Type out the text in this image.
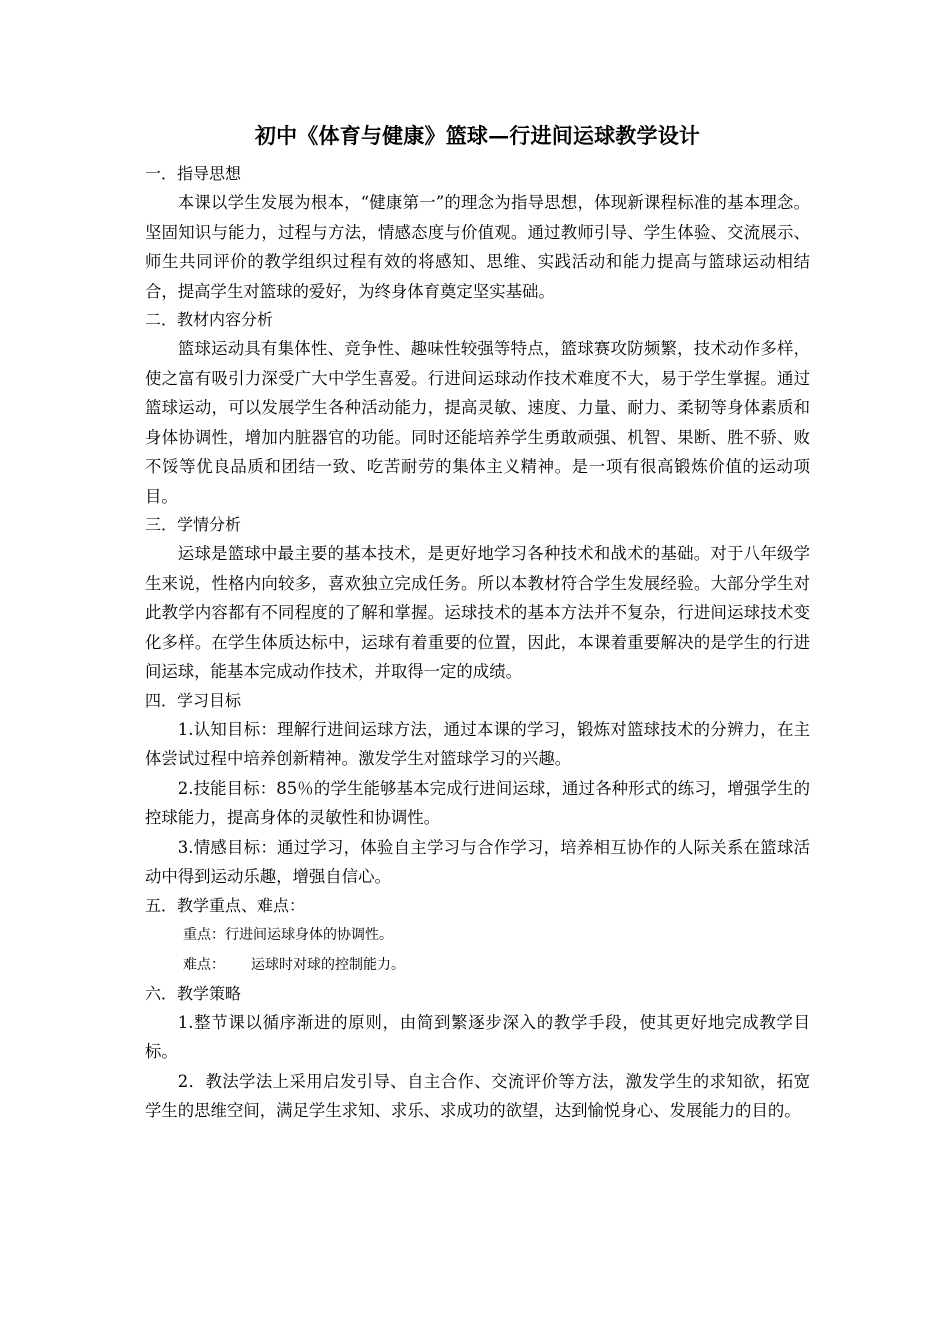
初中《体育与健康》篮球—行进间运球教学设计

一．指导思想

本课以学生发展为根本，“健康第一”的理念为指导思想，体现新课程标准的基本理念。坚固知识与能力，过程与方法，情感态度与价值观。通过教师引导、学生体验、交流展示、师生共同评价的教学组织过程有效的将感知、思维、实践活动和能力提高与篮球运动相结合，提高学生对篮球的爱好，为终身体育奠定坚实基础。

二．教材内容分析

篮球运动具有集体性、竞争性、趣味性较强等特点，篮球赛攻防频繁，技术动作多样，使之富有吸引力深受广大中学生喜爱。行进间运球动作技术难度不大，易于学生掌握。通过篮球运动，可以发展学生各种活动能力，提高灵敏、速度、力量、耐力、柔韧等身体素质和身体协调性，增加内脏器官的功能。同时还能培养学生勇敢顽强、机智、果断、胜不骄、败不馁等优良品质和团结一致、吃苦耐劳的集体主义精神。是一项有很高锻炼价值的运动项目。

三．学情分析

运球是篮球中最主要的基本技术，是更好地学习各种技术和战术的基础。对于八年级学生来说，性格内向较多，喜欢独立完成任务。所以本教材符合学生发展经验。大部分学生对此教学内容都有不同程度的了解和掌握。运球技术的基本方法并不复杂，行进间运球技术变化多样。在学生体质达标中，运球有着重要的位置，因此，本课着重要解决的是学生的行进间运球，能基本完成动作技术，并取得一定的成绩。

四．学习目标

1.认知目标：理解行进间运球方法，通过本课的学习，锻炼对篮球技术的分辨力，在主体尝试过程中培养创新精神。激发学生对篮球学习的兴趣。

2.技能目标：85％的学生能够基本完成行进间运球，通过各种形式的练习，增强学生的控球能力，提高身体的灵敏性和协调性。

3.情感目标：通过学习，体验自主学习与合作学习，培养相互协作的人际关系在篮球活动中得到运动乐趣，增强自信心。

五．教学重点、难点：

重点：行进间运球身体的协调性。

难点： 运球时对球的控制能力。

六．教学策略

1.整节课以循序渐进的原则，由简到繁逐步深入的教学手段，使其更好地完成教学目标。

2．教法学法上采用启发引导、自主合作、交流评价等方法，激发学生的求知欲，拓宽学生的思维空间，满足学生求知、求乐、求成功的欲望，达到愉悦身心、发展能力的目的。
